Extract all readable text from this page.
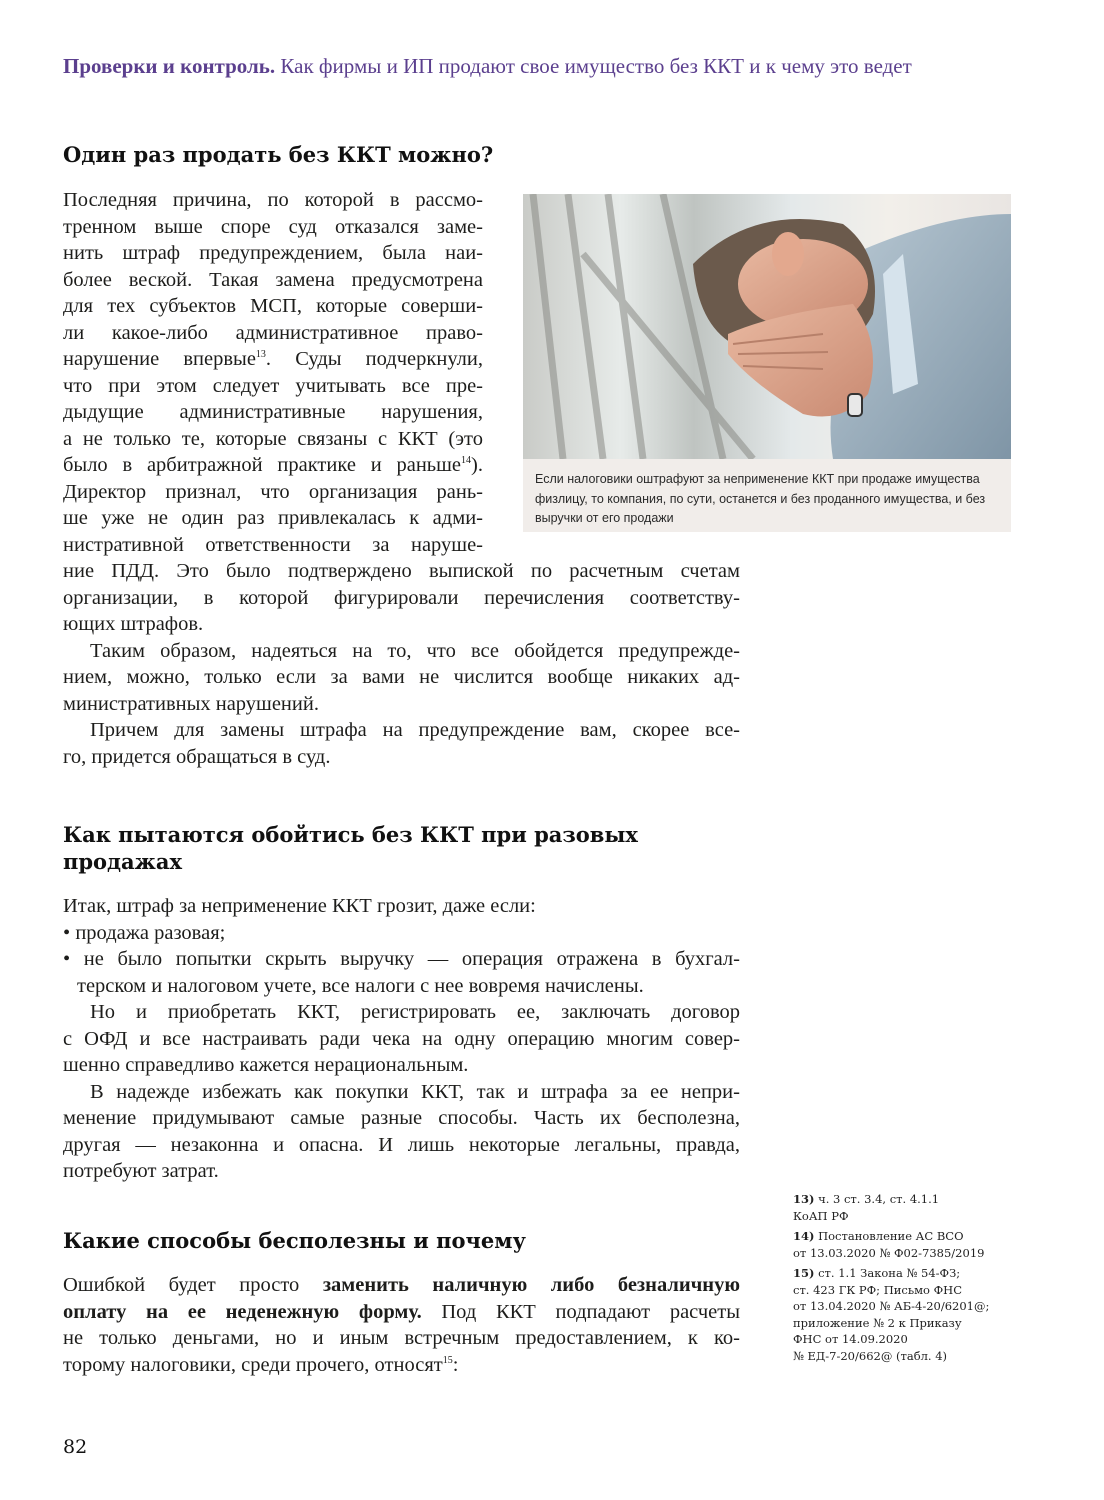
Проверки и контроль. Как фирмы и ИП продают свое имущество без ККТ и к чему это ведет
Один раз продать без ККТ можно?
Последняя причина, по которой в рассмо-
тренном выше споре суд отказался заме-
нить штраф предупреждением, была наи-
более веской. Такая замена предусмотрена
для тех субъектов МСП, которые соверши-
ли какое-либо административное право-
нарушение впервые$^{13}$. Суды подчеркнули,
что при этом следует учитывать все пре-
дыдущие административные нарушения,
а не только те, которые связаны с ККТ (это
было в арбитражной практике и раньше$^{14}$).
Директор признал, что организация рань-
ше уже не один раз привлекалась к адми-
нистративной ответственности за наруше-
ние ПДД. Это было подтверждено выпиской по расчетным счетам
организации, в которой фигурировали перечисления соответству-
ющих штрафов.
Таким образом, надеяться на то, что все обойдется предупрежде-
нием, можно, только если за вами не числится вообще никаких ад-
министративных нарушений.
Причем для замены штрафа на предупреждение вам, скорее все-
го, придется обращаться в суд.
Если налоговики оштрафуют за неприменение ККТ при продаже имущества физлицу, то компания, по сути, останется и без проданного имущества, и без выручки от его продажи
Как пытаются обойтись без ККТ при разовых
продажах
Итак, штраф за неприменение ККТ грозит, даже если:
• продажа разовая;
• не было попытки скрыть выручку — операция отражена в бухгал-
терском и налоговом учете, все налоги с нее вовремя начислены.
Но и приобретать ККТ, регистрировать ее, заключать договор
с ОФД и все настраивать ради чека на одну операцию многим совер-
шенно справедливо кажется нерациональным.
В надежде избежать как покупки ККТ, так и штрафа за ее непри-
менение придумывают самые разные способы. Часть их бесполезна,
другая — незаконна и опасна. И лишь некоторые легальны, правда,
потребуют затрат.
Какие способы бесполезны и почему
Ошибкой будет просто заменить наличную либо безналичную
оплату на ее неденежную форму. Под ККТ подпадают расчеты
не только деньгами, но и иным встречным предоставлением, к ко-
торому налоговики, среди прочего, относят$^{15}$:
13) ч. 3 ст. 3.4, ст. 4.1.1
КоАП РФ
14) Постановление АС ВСО
от 13.03.2020 № Ф02-7385/2019
15) ст. 1.1 Закона № 54-ФЗ;
ст. 423 ГК РФ; Письмо ФНС
от 13.04.2020 № АБ-4-20/6201@;
приложение № 2 к Приказу
ФНС от 14.09.2020
№ ЕД-7-20/662@ (табл. 4)
82
